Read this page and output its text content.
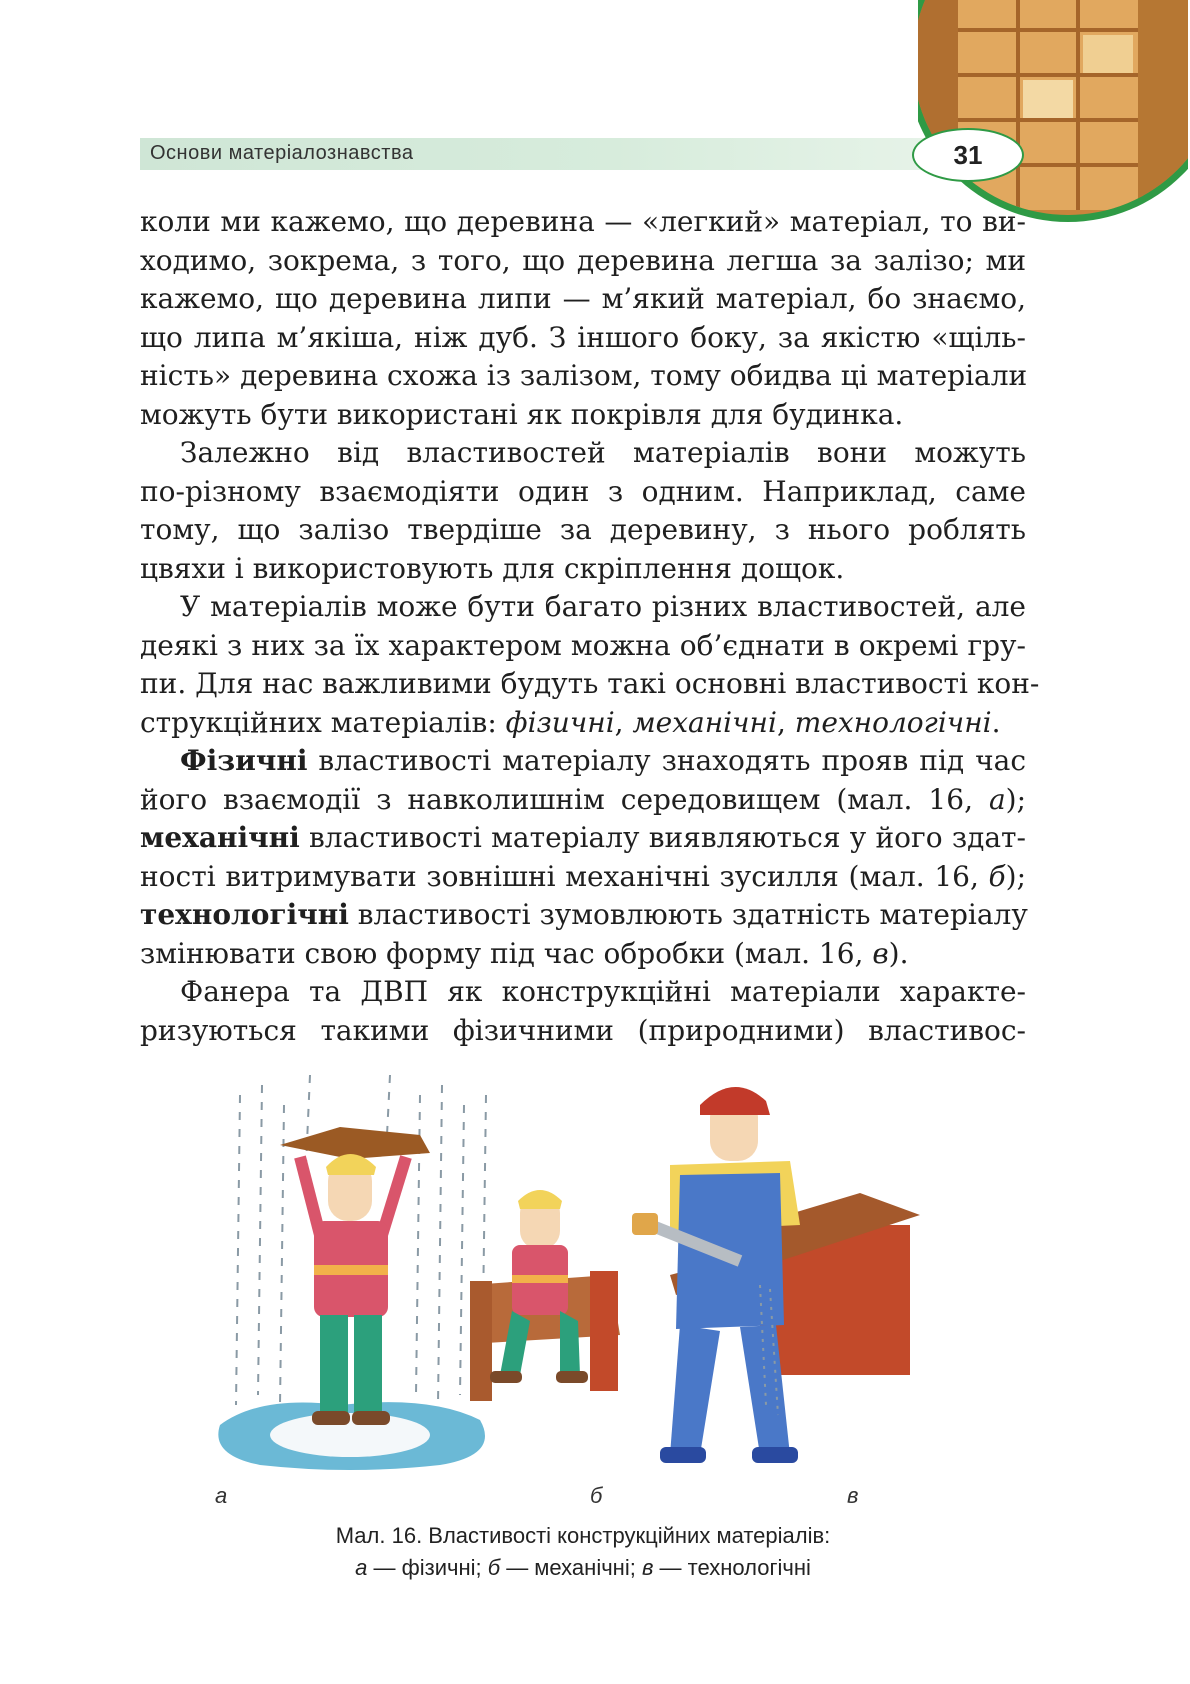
Основи матеріалознавства	31

коли ми кажемо, що деревина — «легкий» матеріал, то ви-
ходимо, зокрема, з того, що деревина легша за залізо; ми
кажемо, що деревина липи — м’який матеріал, бо знаємо,
що липа м’якіша, ніж дуб. З іншого боку, за якістю «щіль-
ність» деревина схожа із залізом, тому обидва ці матеріали
можуть бути використані як покрівля для будинка.

Залежно від властивостей матеріалів вони можуть
по-різному взаємодіяти один з одним. Наприклад, саме
тому, що залізо твердіше за деревину, з нього роблять
цвяхи і використовують для скріплення дощок.

У матеріалів може бути багато різних властивостей, але
деякі з них за їх характером можна об’єднати в окремі гру-
пи. Для нас важливими будуть такі основні властивості кон-
струкційних матеріалів: фізичні, механічні, технологічні.

Фізичні властивості матеріалу знаходять прояв під час
його взаємодії з навколишнім середовищем (мал. 16, а);
механічні властивості матеріалу виявляються у його здат-
ності витримувати зовнішні механічні зусилля (мал. 16, б);
технологічні властивості зумовлюють здатність матеріалу
змінювати свою форму під час обробки (мал. 16, в).

Фанера та ДВП як конструкційні матеріали характе-
ризуються такими фізичними (природними) властивос-

а	б	в
Мал. 16. Властивості конструкційних матеріалів:
а — фізичні; б — механічні; в — технологічні
